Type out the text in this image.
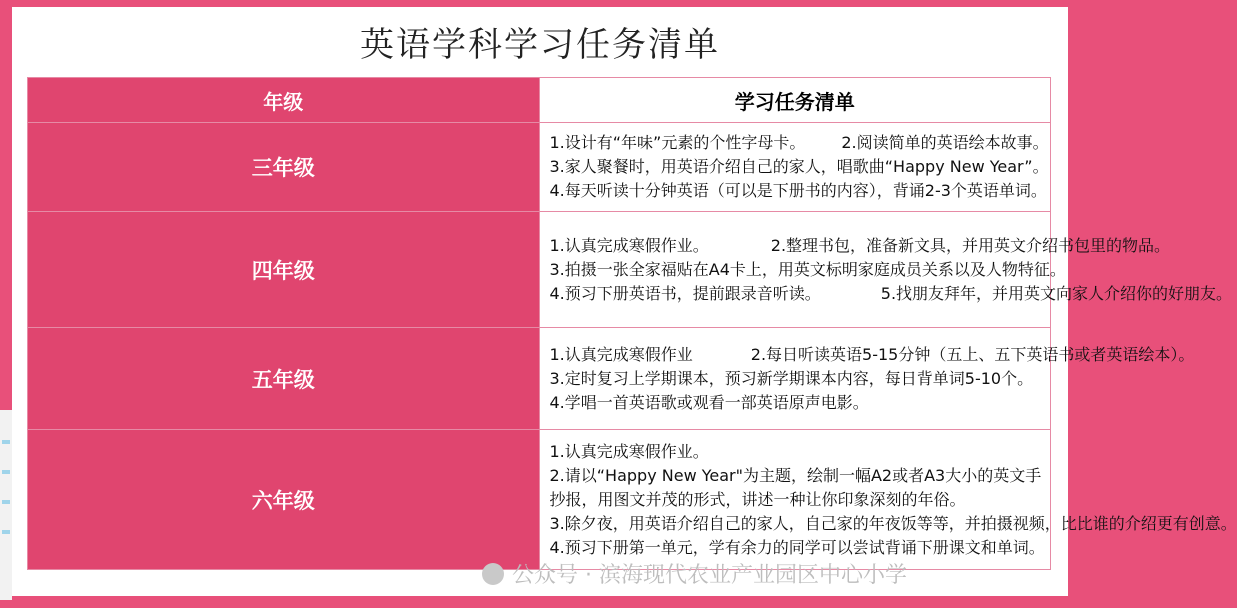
英语学科学习任务清单
年级	学习任务清单
三年级	1.设计有“年味”元素的个性字母卡。 2.阅读简单的英语绘本故事。
3.家人聚餐时，用英语介绍自己的家人，唱歌曲“Happy New Year”。
4.每天听读十分钟英语（可以是下册书的内容），背诵2-3个英语单词。

四年级	1.认真完成寒假作业。 2.整理书包，准备新文具，并用英文介绍书包里的物品。
3.拍摄一张全家福贴在A4卡上，用英文标明家庭成员关系以及人物特征。
4.预习下册英语书，提前跟录音听读。 5.找朋友拜年，并用英文向家人介绍你的好朋友。

五年级	1.认真完成寒假作业 2.每日听读英语5-15分钟（五上、五下英语书或者英语绘本）。
3.定时复习上学期课本，预习新学期课本内容，每日背单词5-10个。
4.学唱一首英语歌或观看一部英语原声电影。

六年级	1.认真完成寒假作业。
2.请以“Happy New Year"为主题，绘制一幅A2或者A3大小的英文手抄报，用图文并茂的形式，讲述一种让你印象深刻的年俗。
3.除夕夜，用英语介绍自己的家人，自己家的年夜饭等等，并拍摄视频，比比谁的介绍更有创意。
4.预习下册第一单元，学有余力的同学可以尝试背诵下册课文和单词。
公众号 · 滨海现代农业产业园区中心小学
